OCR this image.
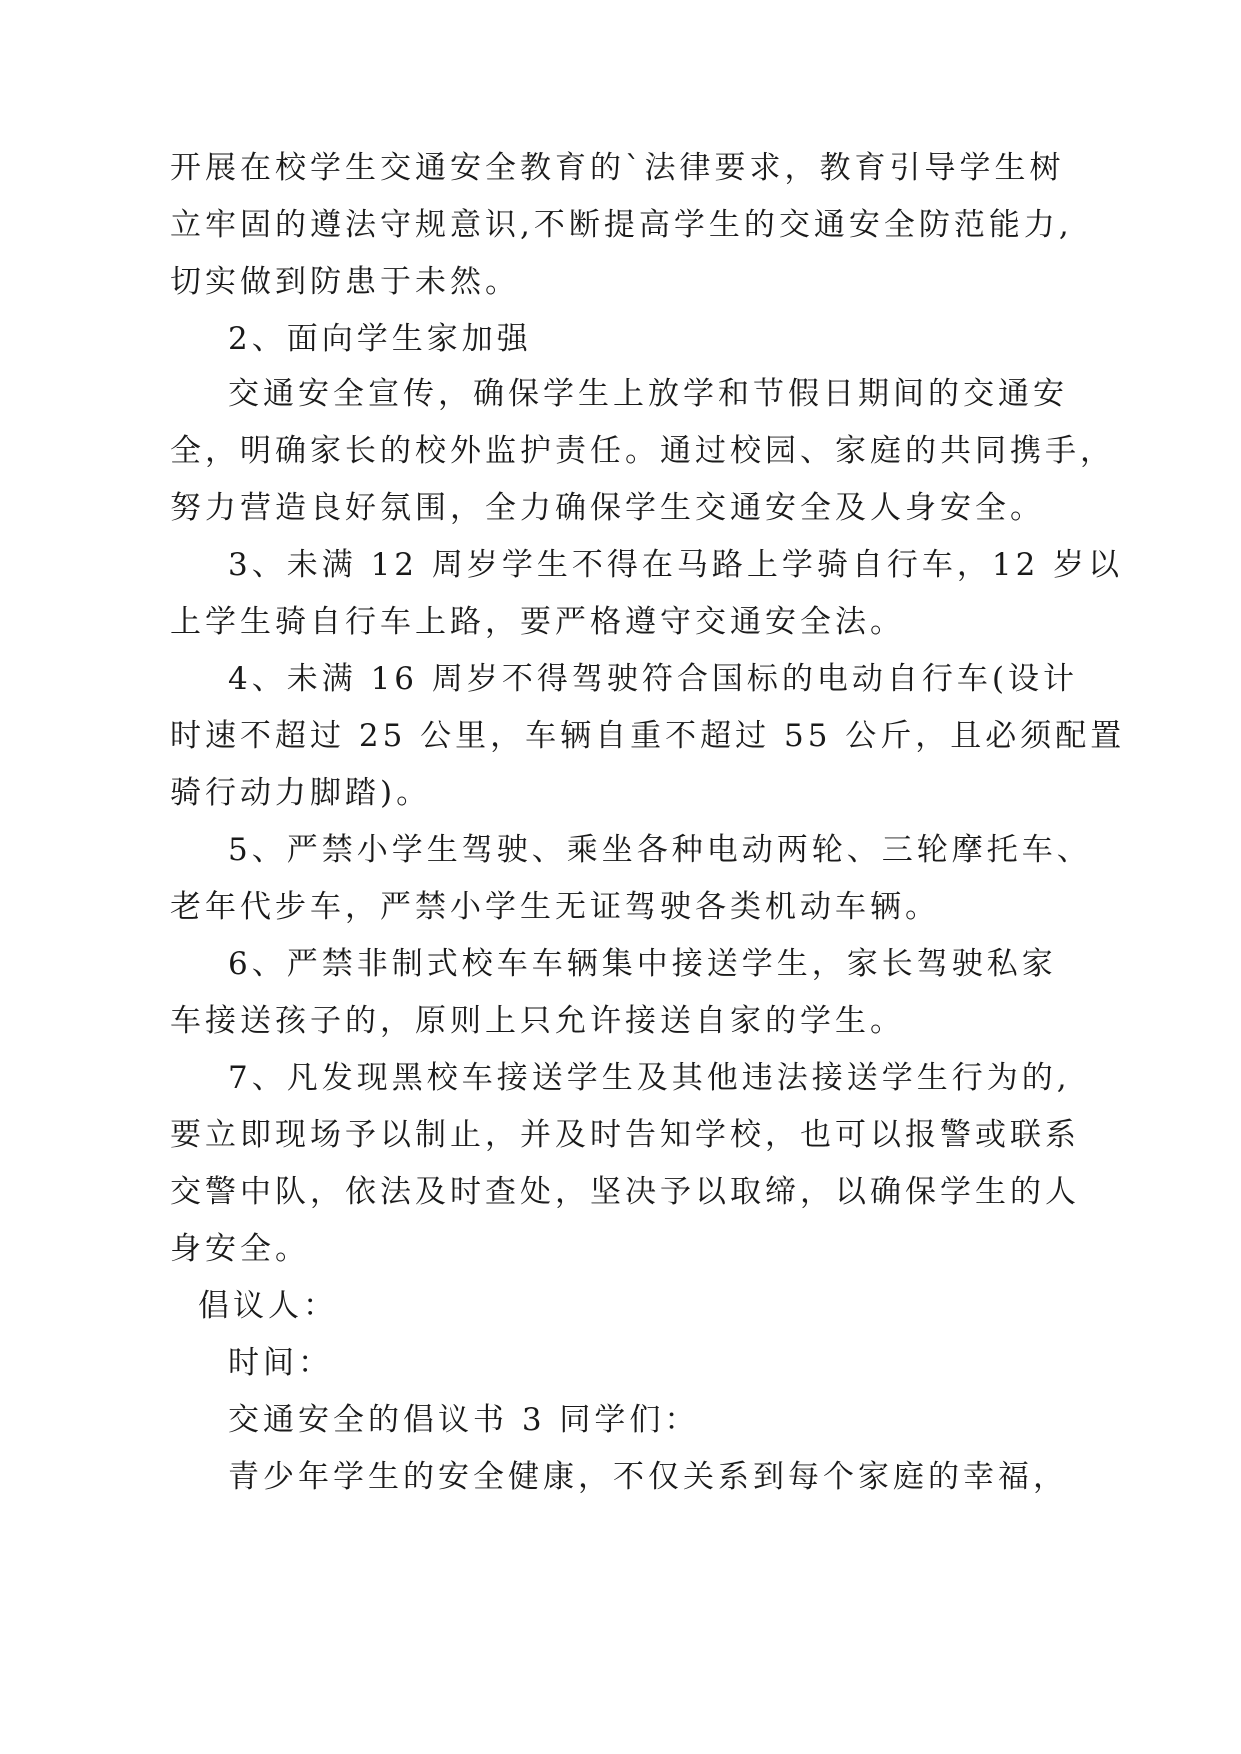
开展在校学生交通安全教育的`法律要求，教育引导学生树
立牢固的遵法守规意识,不断提高学生的交通安全防范能力,
切实做到防患于未然。
2、面向学生家加强
交通安全宣传，确保学生上放学和节假日期间的交通安
全，明确家长的校外监护责任。通过校园、家庭的共同携手，
努力营造良好氛围，全力确保学生交通安全及人身安全。
3、未满 12 周岁学生不得在马路上学骑自行车，12 岁以
上学生骑自行车上路，要严格遵守交通安全法。
4、未满 16 周岁不得驾驶符合国标的电动自行车(设计
时速不超过 25 公里，车辆自重不超过 55 公斤，且必须配置
骑行动力脚踏)。
5、严禁小学生驾驶、乘坐各种电动两轮、三轮摩托车、
老年代步车，严禁小学生无证驾驶各类机动车辆。
6、严禁非制式校车车辆集中接送学生，家长驾驶私家
车接送孩子的，原则上只允许接送自家的学生。
7、凡发现黑校车接送学生及其他违法接送学生行为的,
要立即现场予以制止，并及时告知学校，也可以报警或联系
交警中队，依法及时查处，坚决予以取缔，以确保学生的人
身安全。
倡议人：
时间：
交通安全的倡议书 3 同学们：
青少年学生的安全健康，不仅关系到每个家庭的幸福，
